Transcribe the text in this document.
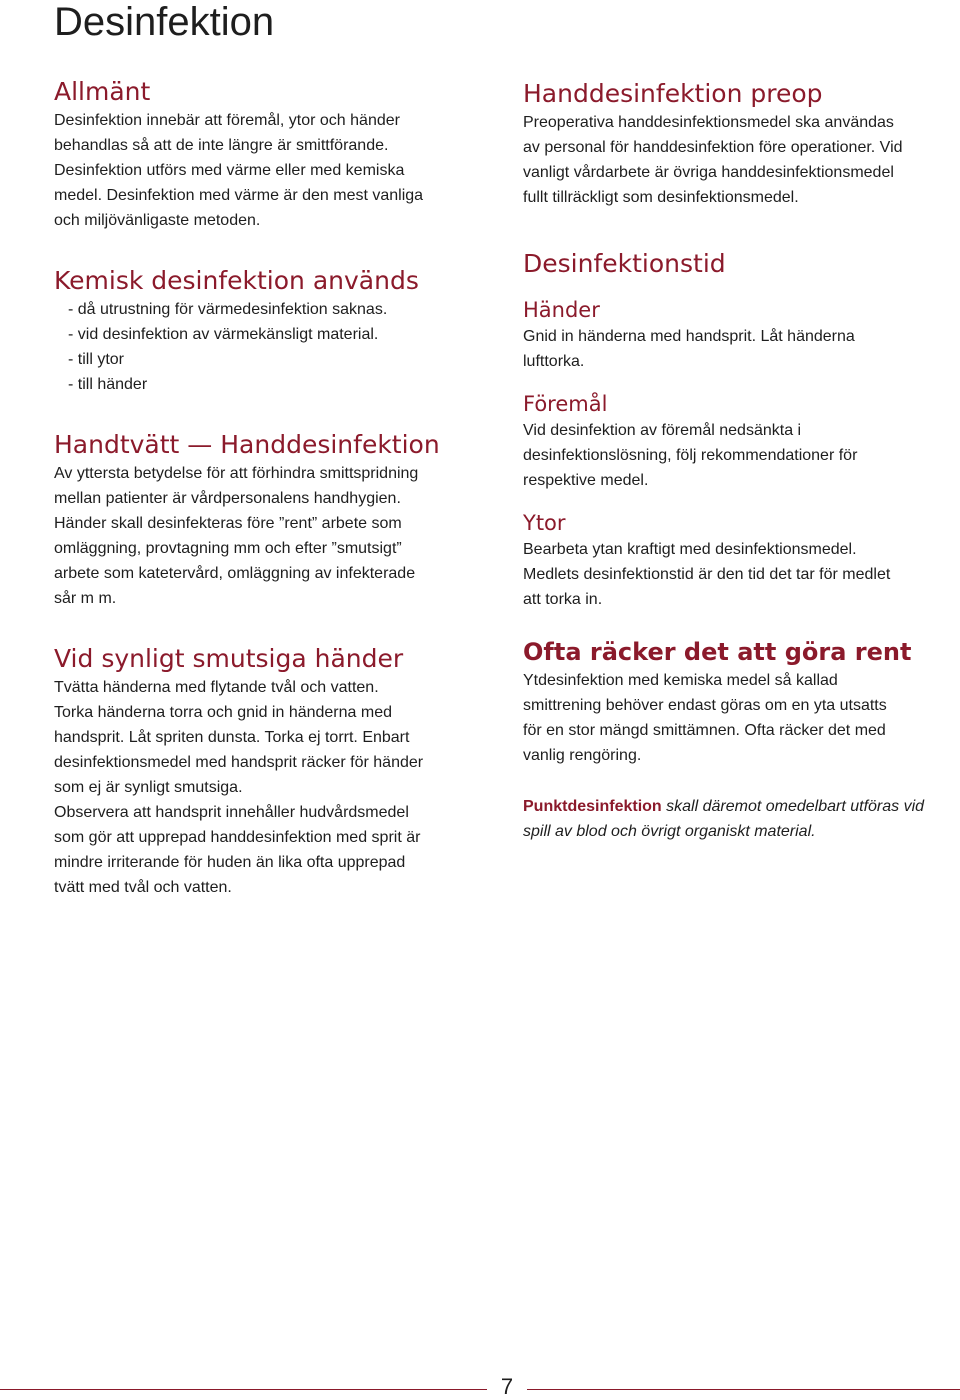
Desinfektion
Allmänt
Desinfektion innebär att föremål, ytor och händer
behandlas så att de inte längre är smittförande.
Desinfektion utförs med värme eller med kemiska
medel. Desinfektion med värme är den mest vanliga
och miljövänligaste metoden.
Kemisk desinfektion används
- då utrustning för värmedesinfektion saknas.
- vid desinfektion av värmekänsligt material.
- till ytor
- till händer
Handtvätt — Handdesinfektion
Av yttersta betydelse för att förhindra smittspridning
mellan patienter är vårdpersonalens handhygien.
Händer skall desinfekteras före ”rent” arbete som
omläggning, provtagning mm och efter ”smutsigt”
arbete som katetervård, omläggning av infekterade
sår m m.
Vid synligt smutsiga händer
Tvätta händerna med flytande tvål och vatten.
Torka händerna torra och gnid in händerna med
handsprit. Låt spriten dunsta. Torka ej torrt. Enbart
desinfektionsmedel med handsprit räcker för händer
som ej är synligt smutsiga.
Observera att handsprit innehåller hudvårdsmedel
som gör att upprepad handdesinfektion med sprit är
mindre irriterande för huden än lika ofta upprepad
tvätt med tvål och vatten.
Handdesinfektion preop
Preoperativa handdesinfektionsmedel ska användas
av personal för handdesinfektion före operationer. Vid
vanligt vårdarbete är övriga handdesinfektionsmedel
fullt tillräckligt som desinfektionsmedel.
Desinfektionstid
Händer
Gnid in händerna med handsprit. Låt händerna
lufttorka.
Föremål
Vid desinfektion av föremål nedsänkta i
desinfektionslösning, följ rekommendationer för
respektive medel.
Ytor
Bearbeta ytan kraftigt med desinfektionsmedel.
Medlets desinfektionstid är den tid det tar för medlet
att torka in.
Ofta räcker det att göra rent
Ytdesinfektion med kemiska medel så kallad
smittrening behöver endast göras om en yta utsatts
för en stor mängd smittämnen. Ofta räcker det med
vanlig rengöring.
Punktdesinfektion skall däremot omedelbart utföras vid
spill av blod och övrigt organiskt material.
7
